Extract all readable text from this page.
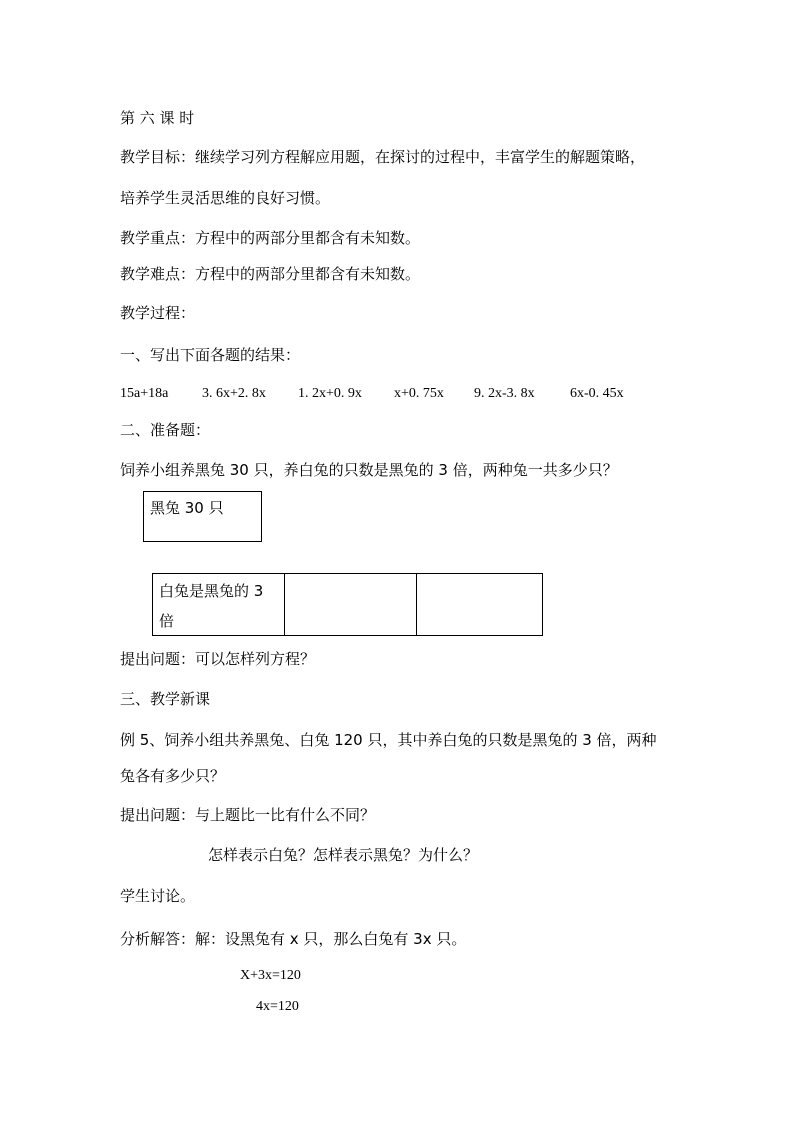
第 六 课 时
教学目标：继续学习列方程解应用题，在探讨的过程中，丰富学生的解题策略，
培养学生灵活思维的良好习惯。
教学重点：方程中的两部分里都含有未知数。
教学难点：方程中的两部分里都含有未知数。
教学过程：
一、写出下面各题的结果：
15a+18a 3. 6x+2. 8x 1. 2x+0. 9x x+0. 75x 9. 2x-3. 8x	6x-0. 45x
二、准备题：
饲养小组养黑兔 30 只，养白兔的只数是黑兔的 3 倍，两种兔一共多少只？
黑兔 30 只
白兔是黑兔的 3 倍
提出问题：可以怎样列方程？
三、教学新课
例 5、饲养小组共养黑兔、白兔 120 只，其中养白兔的只数是黑兔的 3 倍，两种
兔各有多少只？
提出问题：与上题比一比有什么不同？
怎样表示白兔？怎样表示黑兔？为什么？
学生讨论。
分析解答：解：设黑兔有 x 只，那么白兔有 3x 只。
X+3x=120
4x=120
